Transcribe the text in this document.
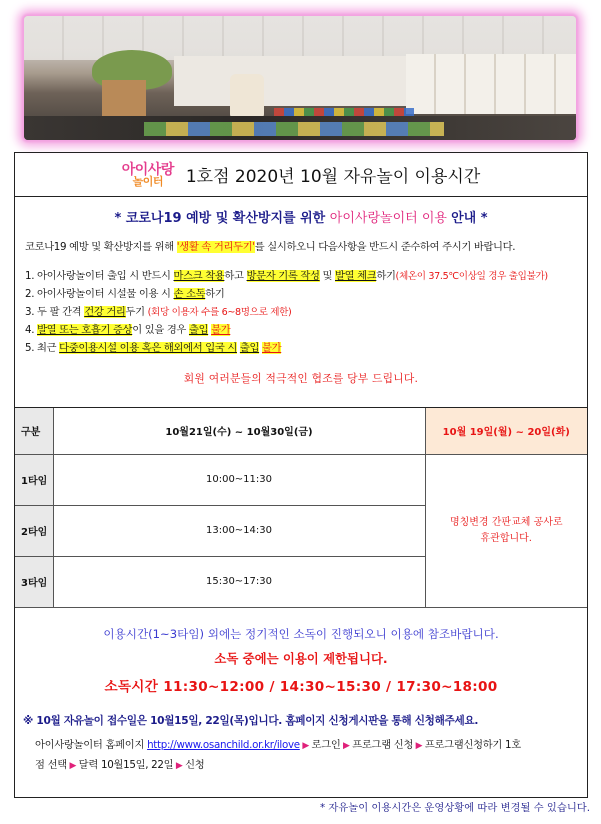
아이사랑
놀이터 1호점 2020년 10월 자유놀이 이용시간
* 코로나19 예방 및 확산방지를 위한 아이사랑놀이터 이용 안내 *
코로나19 예방 및 확산방지를 위해 '생활 속 거리두기'를 실시하오니 다음사항을 반드시 준수하여 주시기 바랍니다.
1. 아이사랑놀이터 출입 시 반드시 마스크 착용하고 방문자 기록 작성 및 발열 체크하기(체온이 37.5℃이상일 경우 출입불가)
2. 아이사랑놀이터 시설물 이용 시 손 소독하기
3. 두 팔 간격 건강 거리두기 (회당 이용자 수를 6~8명으로 제한)
4. 발열 또는 호흡기 증상이 있을 경우 출입 불가
5. 최근 다중이용시설 이용 혹은 해외에서 입국 시 출입 불가
회원 여러분들의 적극적인 협조를 당부 드립니다.
구분	10월21일(수) ~ 10월30일(금)	10월 19일(월) ~ 20일(화)
1타임	10:00~11:30	명칭변경 간판교체 공사로
휴관합니다.

2타임	13:00~14:30	
3타임	15:30~17:30	
이용시간(1~3타임) 외에는 정기적인 소독이 진행되오니 이용에 참조바랍니다.
소독 중에는 이용이 제한됩니다.
소독시간 11:30~12:00 / 14:30~15:30 / 17:30~18:00
※ 10월 자유놀이 접수일은 10월15일, 22일(목)입니다. 홈페이지 신청게시판을 통해 신청해주세요.
아이사랑놀이터 홈페이지 http://www.osanchild.or.kr/ilove ▶ 로그인 ▶ 프로그램 신청 ▶ 프로그램신청하기 1호
점 선택 ▶ 달력 10월15일, 22일 ▶ 신청
* 자유놀이 이용시간은 운영상황에 따라 변경될 수 있습니다.
